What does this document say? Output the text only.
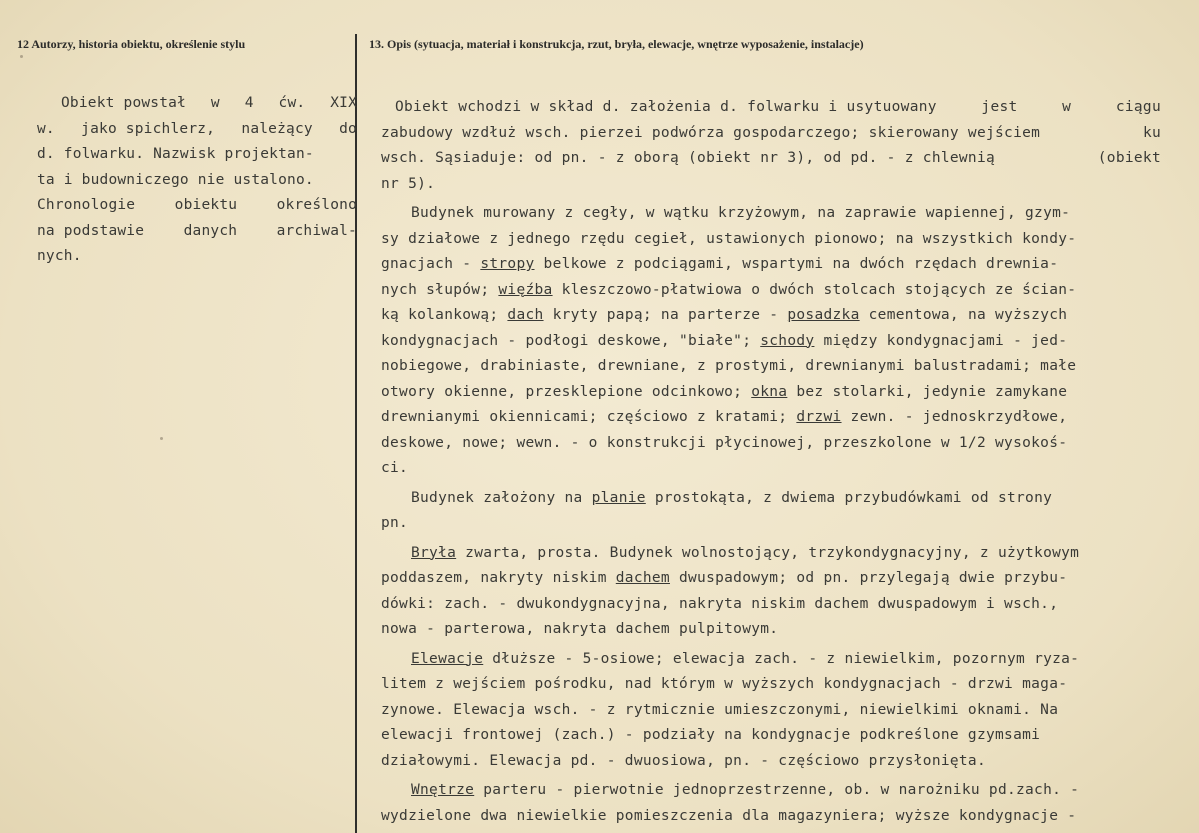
12 Autorzy, historia obiektu, określenie stylu	13. Opis (sytuacja, materiał i konstrukcja, rzut, bryła, elewacje, wnętrze wyposażenie, instalacje)
Obiekt powstał w 4 ćw. XIX
w. jako spichlerz, należący do
d. folwarku. Nazwisk projektan-
ta i budowniczego nie ustalono.
Chronologie	obiektu	określono
na podstawie	danych	archiwal-
nych.
Obiekt wchodzi w skład d. założenia d. folwarku i usytuowany	jest	w	ciągu
zabudowy wzdłuż wsch. pierzei podwórza gospodarczego; skierowany wejściem	ku
wsch. Sąsiaduje: od pn. - z oborą (obiekt nr 3), od pd. - z chlewnią	(obiekt
nr 5).
Budynek murowany z cegły, w wątku krzyżowym, na zaprawie wapiennej, gzym-
sy działowe z jednego rzędu cegieł, ustawionych pionowo; na wszystkich kondy-
gnacjach - stropy belkowe z podciągami, wspartymi na dwóch rzędach drewnia-
nych słupów; więźba kleszczowo-płatwiowa o dwóch stolcach stojących ze ścian-
ką kolankową; dach kryty papą; na parterze - posadzka cementowa, na wyższych
kondygnacjach - podłogi deskowe, "białe"; schody między kondygnacjami - jed-
nobiegowe, drabiniaste, drewniane, z prostymi, drewnianymi balustradami; małe
otwory okienne, przesklepione odcinkowo; okna bez stolarki, jedynie zamykane
drewnianymi okiennicami; częściowo z kratami; drzwi zewn. - jednoskrzydłowe,
deskowe, nowe; wewn. - o konstrukcji płycinowej, przeszkolone w 1/2 wysokoś-
ci.
Budynek założony na planie prostokąta, z dwiema przybudówkami od strony
pn.
Bryła zwarta, prosta. Budynek wolnostojący, trzykondygnacyjny, z użytkowym
poddaszem, nakryty niskim dachem dwuspadowym; od pn. przylegają dwie przybu-
dówki: zach. - dwukondygnacyjna, nakryta niskim dachem dwuspadowym i wsch.,
nowa - parterowa, nakryta dachem pulpitowym.
Elewacje dłuższe - 5-osiowe; elewacja zach. - z niewielkim, pozornym ryza-
litem z wejściem pośrodku, nad którym w wyższych kondygnacjach - drzwi maga-
zynowe. Elewacja wsch. - z rytmicznie umieszczonymi, niewielkimi oknami. Na
elewacji frontowej (zach.) - podziały na kondygnacje podkreślone gzymsami
działowymi. Elewacja pd. - dwuosiowa, pn. - częściowo przysłonięta.
Wnętrze parteru - pierwotnie jednoprzestrzenne, ob. w narożniku pd.zach. -
wydzielone dwa niewielkie pomieszczenia dla magazyniera; wyższe kondygnacje -
